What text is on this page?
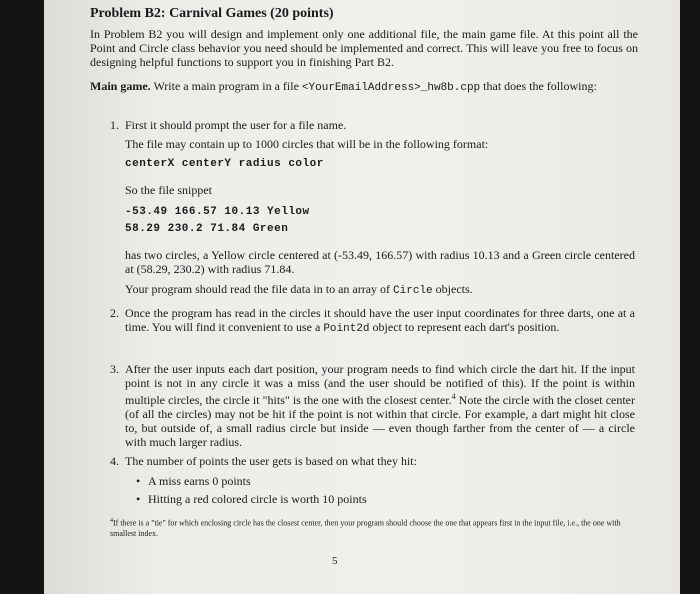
Problem B2: Carnival Games (20 points)

In Problem B2 you will design and implement only one additional file, the main game file. At this point all the Point and Circle class behavior you need should be implemented and correct. This will leave you free to focus on designing helpful functions to support you in finishing Part B2.

Main game. Write a main program in a file <YourEmailAddress>_hw8b.cpp that does the following:

1. First it should prompt the user for a file name.

The file may contain up to 1000 circles that will be in the following format:

centerX centerY radius color

So the file snippet

-53.49 166.57 10.13 Yellow

58.29 230.2 71.84 Green

has two circles, a Yellow circle centered at (-53.49, 166.57) with radius 10.13 and a Green circle centered at (58.29, 230.2) with radius 71.84.

Your program should read the file data in to an array of Circle objects.

2. Once the program has read in the circles it should have the user input coordinates for three darts, one at a time. You will find it convenient to use a Point2d object to represent each dart's position.

3. After the user inputs each dart position, your program needs to find which circle the dart hit. If the input point is not in any circle it was a miss (and the user should be notified of this). If the point is within multiple circles, the circle it "hits" is the one with the closest center.$^4$ Note the circle with the closet center (of all the circles) may not be hit if the point is not within that circle. For example, a dart might hit close to, but outside of, a small radius circle but inside — even though farther from the center of — a circle with much larger radius.

4. The number of points the user gets is based on what they hit:

• A miss earns 0 points
• Hitting a red colored circle is worth 10 points

$^4$If there is a "tie" for which enclosing circle has the closest center, then your program should choose the one that appears first in the input file, i.e., the one with smallest index.

5
